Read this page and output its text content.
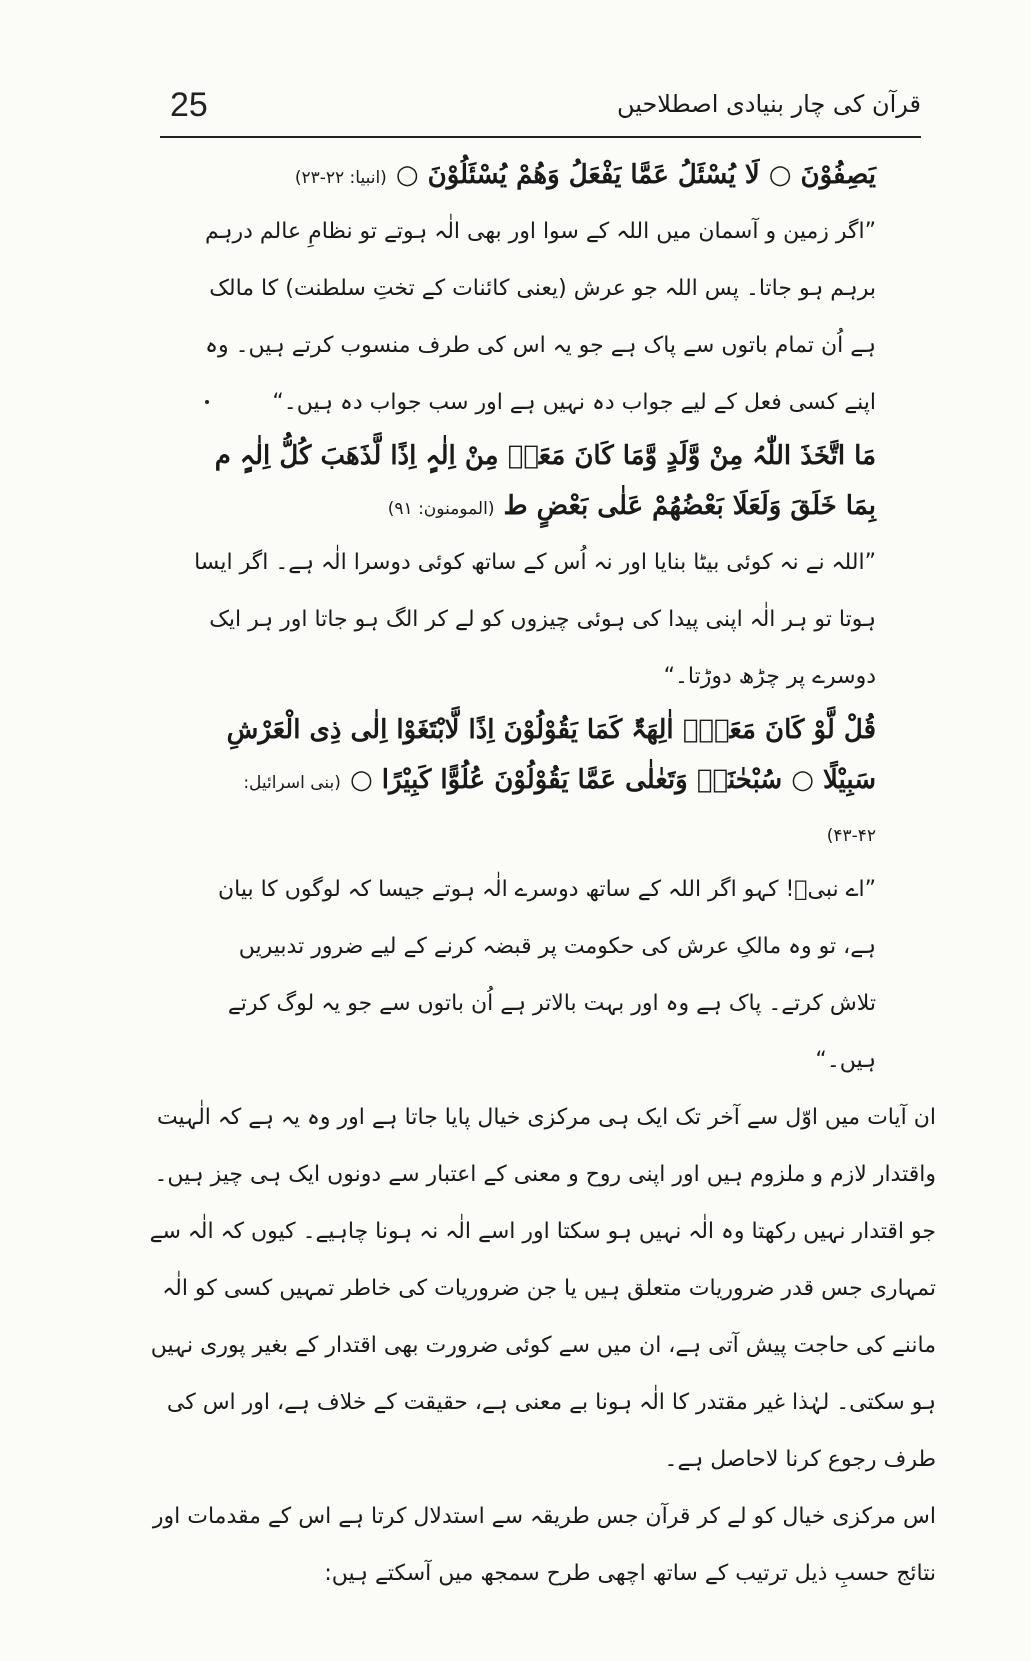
25	قرآن کی چار بنیادی اصطلاحیں

یَصِفُوْنَ ○ لَا یُسْئَلُ عَمَّا یَفْعَلُ وَھُمْ یُسْئَلُوْنَ ○ (انبیا: ۲۲-۲۳)

”اگر زمین و آسمان میں اللہ کے سوا اور بھی الٰہ ہوتے تو نظامِ عالم درہم برہم ہو جاتا۔ پس اللہ جو عرش (یعنی کائنات کے تختِ سلطنت) کا مالک ہے اُن تمام باتوں سے پاک ہے جو یہ اس کی طرف منسوب کرتے ہیں۔ وہ اپنے کسی فعل کے لیے جواب دہ نہیں ہے اور سب جواب دہ ہیں۔“

مَا اتَّخَذَ اللّٰہُ مِنْ وَّلَدٍ وَّمَا کَانَ مَعَہٗ مِنْ اِلٰہٍ اِذًا لَّذَھَبَ کُلُّ اِلٰہٍ م بِمَا خَلَقَ وَلَعَلَا بَعْضُھُمْ عَلٰی بَعْضٍ ط (المومنون: ۹۱)

”اللہ نے نہ کوئی بیٹا بنایا اور نہ اُس کے ساتھ کوئی دوسرا الٰہ ہے۔ اگر ایسا ہوتا تو ہر الٰہ اپنی پیدا کی ہوئی چیزوں کو لے کر الگ ہو جاتا اور ہر ایک دوسرے پر چڑھ دوڑتا۔“

قُلْ لَّوْ کَانَ مَعَہٗٓ اٰلِھَۃٌ کَمَا یَقُوْلُوْنَ اِذًا لَّابْتَغَوْا اِلٰی ذِی الْعَرْشِ سَبِیْلًا ○ سُبْحٰنَہٗ وَتَعٰلٰی عَمَّا یَقُوْلُوْنَ عُلُوًّا کَبِیْرًا ○ (بنی اسرائیل: ۴۲-۴۳)

”اے نبیؐ! کہو اگر اللہ کے ساتھ دوسرے الٰہ ہوتے جیسا کہ لوگوں کا بیان ہے، تو وہ مالکِ عرش کی حکومت پر قبضہ کرنے کے لیے ضرور تدبیریں تلاش کرتے۔ پاک ہے وہ اور بہت بالاتر ہے اُن باتوں سے جو یہ لوگ کرتے ہیں۔“

ان آیات میں اوّل سے آخر تک ایک ہی مرکزی خیال پایا جاتا ہے اور وہ یہ ہے کہ الٰہیت واقتدار لازم و ملزوم ہیں اور اپنی روح و معنی کے اعتبار سے دونوں ایک ہی چیز ہیں۔ جو اقتدار نہیں رکھتا وہ الٰہ نہیں ہو سکتا اور اسے الٰہ نہ ہونا چاہیے۔ کیوں کہ الٰہ سے تمہاری جس قدر ضروریات متعلق ہیں یا جن ضروریات کی خاطر تمہیں کسی کو الٰہ ماننے کی حاجت پیش آتی ہے، ان میں سے کوئی ضرورت بھی اقتدار کے بغیر پوری نہیں ہو سکتی۔ لہٰذا غیر مقتدر کا الٰہ ہونا بے معنی ہے، حقیقت کے خلاف ہے، اور اس کی طرف رجوع کرنا لاحاصل ہے۔

اس مرکزی خیال کو لے کر قرآن جس طریقہ سے استدلال کرتا ہے اس کے مقدمات اور نتائج حسبِ ذیل ترتیب کے ساتھ اچھی طرح سمجھ میں آسکتے ہیں:
